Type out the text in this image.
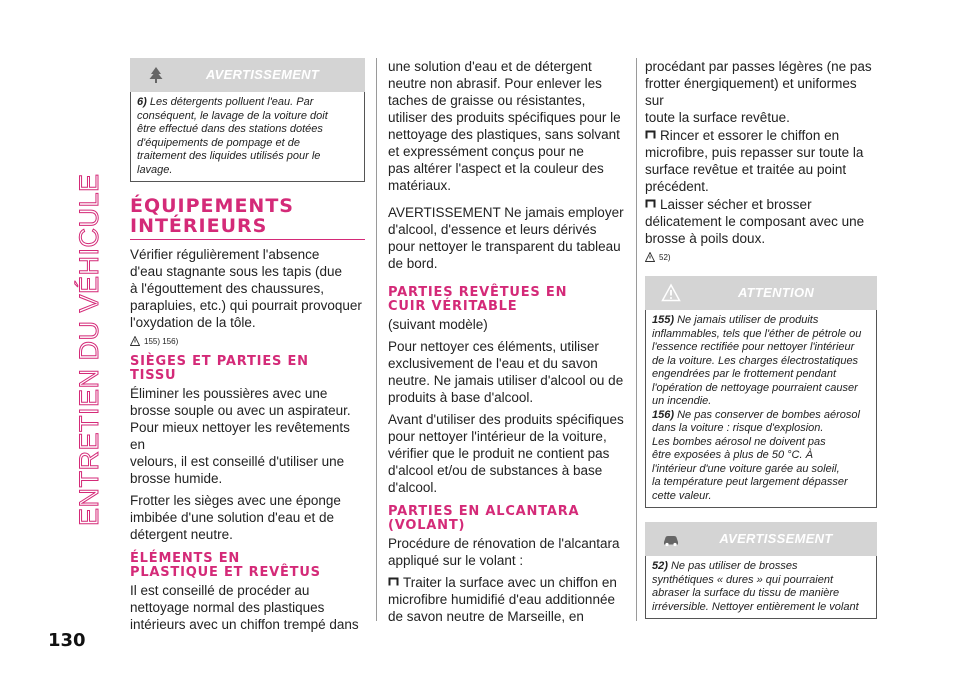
ENTRETIEN DU VÉHICULE
130
AVERTISSEMENT
6) Les détergents polluent l'eau. Par
conséquent, le lavage de la voiture doit
être effectué dans des stations dotées
d'équipements de pompage et de
traitement des liquides utilisés pour le
lavage.
ÉQUIPEMENTS
INTÉRIEURS

Vérifier régulièrement l'absence
d'eau stagnante sous les tapis (due
à l'égouttement des chaussures,
parapluies, etc.) qui pourrait provoquer
l'oxydation de la tôle.

155) 156)
SIÈGES ET PARTIES EN
TISSU

Éliminer les poussières avec une
brosse souple ou avec un aspirateur.
Pour mieux nettoyer les revêtements en
velours, il est conseillé d'utiliser une
brosse humide.

Frotter les sièges avec une éponge
imbibée d'une solution d'eau et de
détergent neutre.

ÉLÉMENTS EN
PLASTIQUE ET REVÊTUS

Il est conseillé de procéder au
nettoyage normal des plastiques
intérieurs avec un chiffon trempé dans

une solution d'eau et de détergent
neutre non abrasif. Pour enlever les
taches de graisse ou résistantes,
utiliser des produits spécifiques pour le
nettoyage des plastiques, sans solvant
et expressément conçus pour ne
pas altérer l'aspect et la couleur des
matériaux.

AVERTISSEMENT Ne jamais employer
d'alcool, d'essence et leurs dérivés
pour nettoyer le transparent du tableau
de bord.

PARTIES REVÊTUES EN
CUIR VÉRITABLE

(suivant modèle)

Pour nettoyer ces éléments, utiliser
exclusivement de l'eau et du savon
neutre. Ne jamais utiliser d'alcool ou de
produits à base d'alcool.

Avant d'utiliser des produits spécifiques
pour nettoyer l'intérieur de la voiture,
vérifier que le produit ne contient pas
d'alcool et/ou de substances à base
d'alcool.

PARTIES EN ALCANTARA
(VOLANT)

Procédure de rénovation de l'alcantara
appliqué sur le volant :

Traiter la surface avec un chiffon en
microfibre humidifié d'eau additionnée
de savon neutre de Marseille, en

procédant par passes légères (ne pas
frotter énergiquement) et uniformes sur
toute la surface revêtue.

Rincer et essorer le chiffon en
microfibre, puis repasser sur toute la
surface revêtue et traitée au point
précédent.

Laisser sécher et brosser
délicatement le composant avec une
brosse à poils doux.

52)
ATTENTION
155) Ne jamais utiliser de produits
inflammables, tels que l'éther de pétrole ou
l'essence rectifiée pour nettoyer l'intérieur
de la voiture. Les charges électrostatiques
engendrées par le frottement pendant
l'opération de nettoyage pourraient causer
un incendie.
156) Ne pas conserver de bombes aérosol
dans la voiture : risque d'explosion.
Les bombes aérosol ne doivent pas
être exposées à plus de 50 °C. À
l'intérieur d'une voiture garée au soleil,
la température peut largement dépasser
cette valeur.
AVERTISSEMENT
52) Ne pas utiliser de brosses
synthétiques « dures » qui pourraient
abraser la surface du tissu de manière
irréversible. Nettoyer entièrement le volant
